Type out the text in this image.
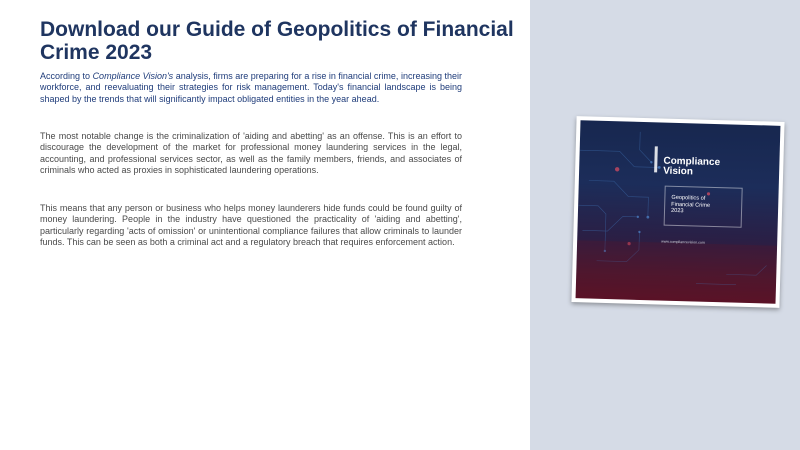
Download our Guide of Geopolitics of Financial Crime 2023

According to Compliance Vision's analysis, firms are preparing for a rise in financial crime, increasing their workforce, and reevaluating their strategies for risk management. Today's financial landscape is being shaped by the trends that will significantly impact obligated entities in the year ahead.

The most notable change is the criminalization of 'aiding and abetting' as an offense. This is an effort to discourage the development of the market for professional money laundering services in the legal, accounting, and professional services sector, as well as the family members, friends, and associates of criminals who acted as proxies in sophisticated laundering operations.

This means that any person or business who helps money launderers hide funds could be found guilty of money laundering. People in the industry have questioned the practicality of 'aiding and abetting', particularly regarding 'acts of omission' or unintentional compliance failures that allow criminals to launder funds. This can be seen as both a criminal act and a regulatory breach that requires enforcement action.

Compliance
Vision
Geopolitics of
Financial Crime
2023
www.compliancevision.com
